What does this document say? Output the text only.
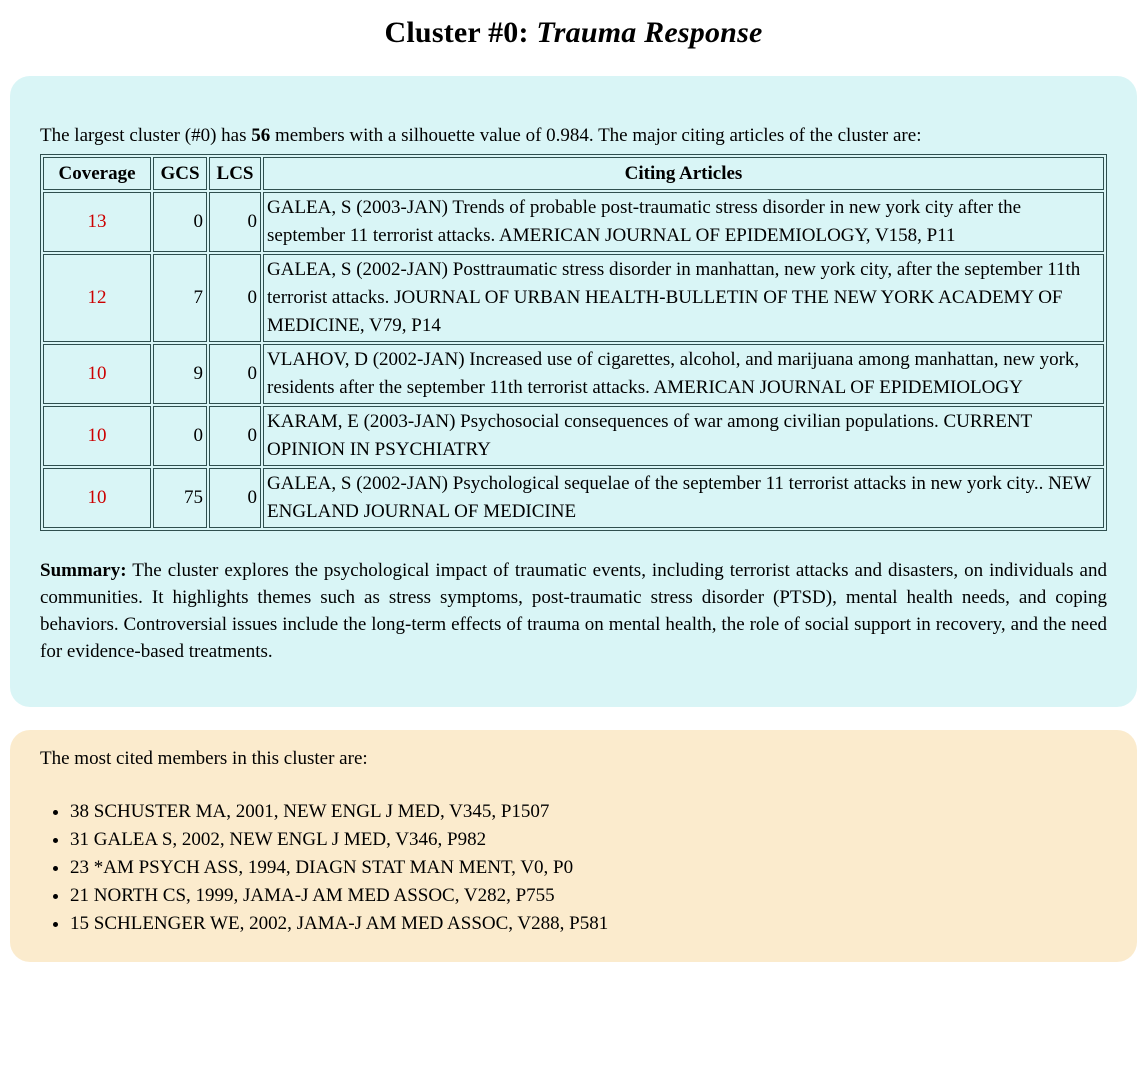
Cluster #0: Trauma Response

The largest cluster (#0) has 56 members with a silhouette value of 0.984. The major citing articles of the cluster are:

Coverage	GCS	LCS	Citing Articles
13	0	0	GALEA, S (2003-JAN) Trends of probable post-traumatic stress disorder in new york city after the september 11 terrorist attacks. AMERICAN JOURNAL OF EPIDEMIOLOGY, V158, P11
12	7	0	GALEA, S (2002-JAN) Posttraumatic stress disorder in manhattan, new york city, after the september 11th terrorist attacks. JOURNAL OF URBAN HEALTH-BULLETIN OF THE NEW YORK ACADEMY OF MEDICINE, V79, P14
10	9	0	VLAHOV, D (2002-JAN) Increased use of cigarettes, alcohol, and marijuana among manhattan, new york, residents after the september 11th terrorist attacks. AMERICAN JOURNAL OF EPIDEMIOLOGY
10	0	0	KARAM, E (2003-JAN) Psychosocial consequences of war among civilian populations. CURRENT OPINION IN PSYCHIATRY
10	75	0	GALEA, S (2002-JAN) Psychological sequelae of the september 11 terrorist attacks in new york city.. NEW ENGLAND JOURNAL OF MEDICINE

Summary: The cluster explores the psychological impact of traumatic events, including terrorist attacks and disasters, on individuals and communities. It highlights themes such as stress symptoms, post-traumatic stress disorder (PTSD), mental health needs, and coping behaviors. Controversial issues include the long-term effects of trauma on mental health, the role of social support in recovery, and the need for evidence-based treatments.

The most cited members in this cluster are:

• 38 SCHUSTER MA, 2001, NEW ENGL J MED, V345, P1507
• 31 GALEA S, 2002, NEW ENGL J MED, V346, P982
• 23 *AM PSYCH ASS, 1994, DIAGN STAT MAN MENT, V0, P0
• 21 NORTH CS, 1999, JAMA-J AM MED ASSOC, V282, P755
• 15 SCHLENGER WE, 2002, JAMA-J AM MED ASSOC, V288, P581
